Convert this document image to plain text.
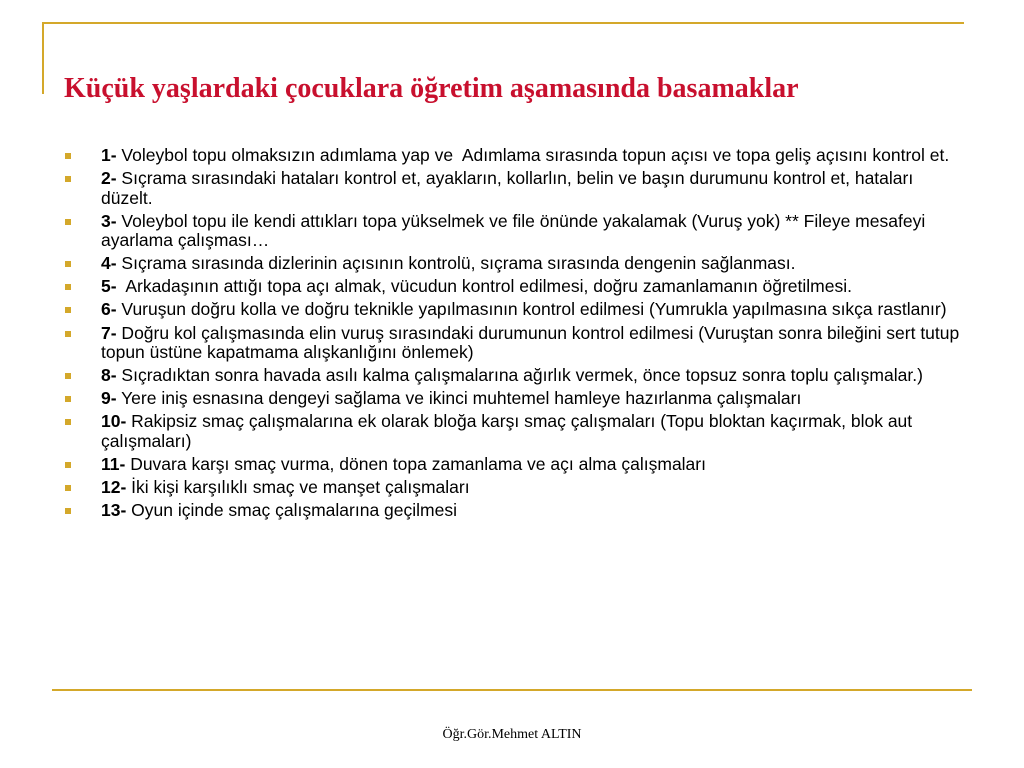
Küçük yaşlardaki çocuklara öğretim aşamasında basamaklar
1- Voleybol topu olmaksızın adımlama yap ve  Adımlama sırasında topun açısı ve topa geliş açısını kontrol et.
2- Sıçrama sırasındaki hataları kontrol et, ayakların, kollarlın, belin ve başın durumunu kontrol et, hataları düzelt.
3- Voleybol topu ile kendi attıkları topa yükselmek ve file önünde yakalamak (Vuruş yok) ** Fileye mesafeyi ayarlama çalışması…
4- Sıçrama sırasında dizlerinin açısının kontrolü, sıçrama sırasında dengenin sağlanması.
5-  Arkadaşının attığı topa açı almak, vücudun kontrol edilmesi, doğru zamanlamanın öğretilmesi.
6- Vuruşun doğru kolla ve doğru teknikle yapılmasının kontrol edilmesi (Yumrukla yapılmasına sıkça rastlanır)
7- Doğru kol çalışmasında elin vuruş sırasındaki durumunun kontrol edilmesi (Vuruştan sonra bileğini sert tutup topun üstüne kapatmama alışkanlığını önlemek)
8- Sıçradıktan sonra havada asılı kalma çalışmalarına ağırlık vermek, önce topsuz sonra toplu çalışmalar.)
9- Yere iniş esnasına dengeyi sağlama ve ikinci muhtemel hamleye hazırlanma çalışmaları
10- Rakipsiz smaç çalışmalarına ek olarak bloğa karşı smaç çalışmaları (Topu bloktan kaçırmak, blok aut çalışmaları)
11- Duvara karşı smaç vurma, dönen topa zamanlama ve açı alma çalışmaları
12- İki kişi karşılıklı smaç ve manşet çalışmaları
13- Oyun içinde smaç çalışmalarına geçilmesi
Öğr.Gör.Mehmet ALTIN
